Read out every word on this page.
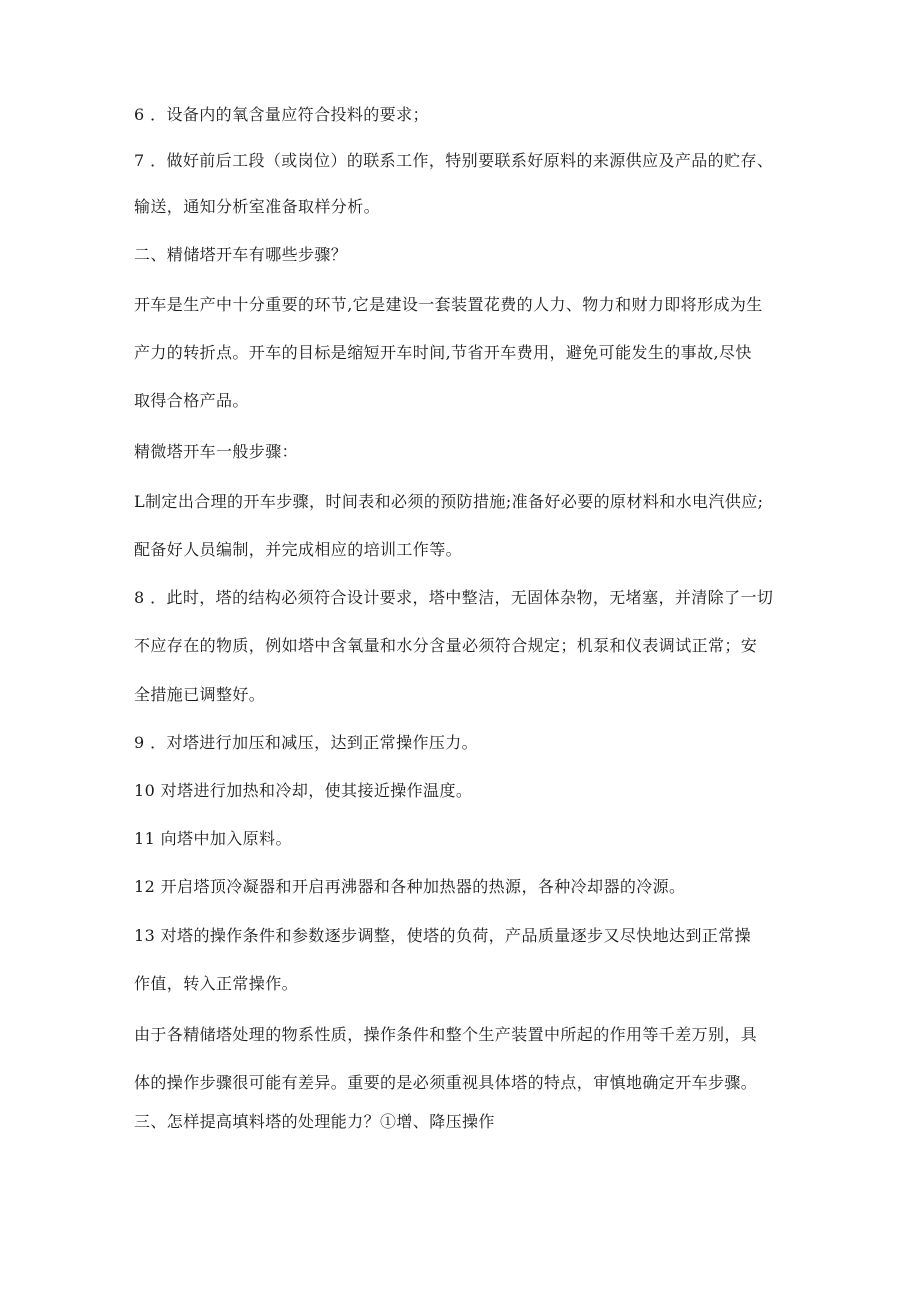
6 ．设备内的氧含量应符合投料的要求；
7 ．做好前后工段（或岗位）的联系工作，特别要联系好原料的来源供应及产品的贮存、
输送，通知分析室准备取样分析。
二、精储塔开车有哪些步骤？
开车是生产中十分重要的环节,它是建设一套装置花费的人力、物力和财力即将形成为生
产力的转折点。开车的目标是缩短开车时间,节省开车费用，避免可能发生的事故,尽快
取得合格产品。
精微塔开车一般步骤：
L制定出合理的开车步骤，时间表和必须的预防措施;准备好必要的原材料和水电汽供应;
配备好人员编制，并完成相应的培训工作等。
8 ．此时，塔的结构必须符合设计要求，塔中整洁，无固体杂物，无堵塞，并清除了一切
不应存在的物质，例如塔中含氧量和水分含量必须符合规定；机泵和仪表调试正常；安
全措施已调整好。
9 ．对塔进行加压和减压，达到正常操作压力。
10 对塔进行加热和冷却，使其接近操作温度。
11 向塔中加入原料。
12 开启塔顶冷凝器和开启再沸器和各种加热器的热源，各种冷却器的冷源。
13 对塔的操作条件和参数逐步调整，使塔的负荷，产品质量逐步又尽快地达到正常操
作值，转入正常操作。
由于各精储塔处理的物系性质，操作条件和整个生产装置中所起的作用等千差万别，具
体的操作步骤很可能有差异。重要的是必须重视具体塔的特点，审慎地确定开车步骤。
三、怎样提高填料塔的处理能力？①增、降压操作
